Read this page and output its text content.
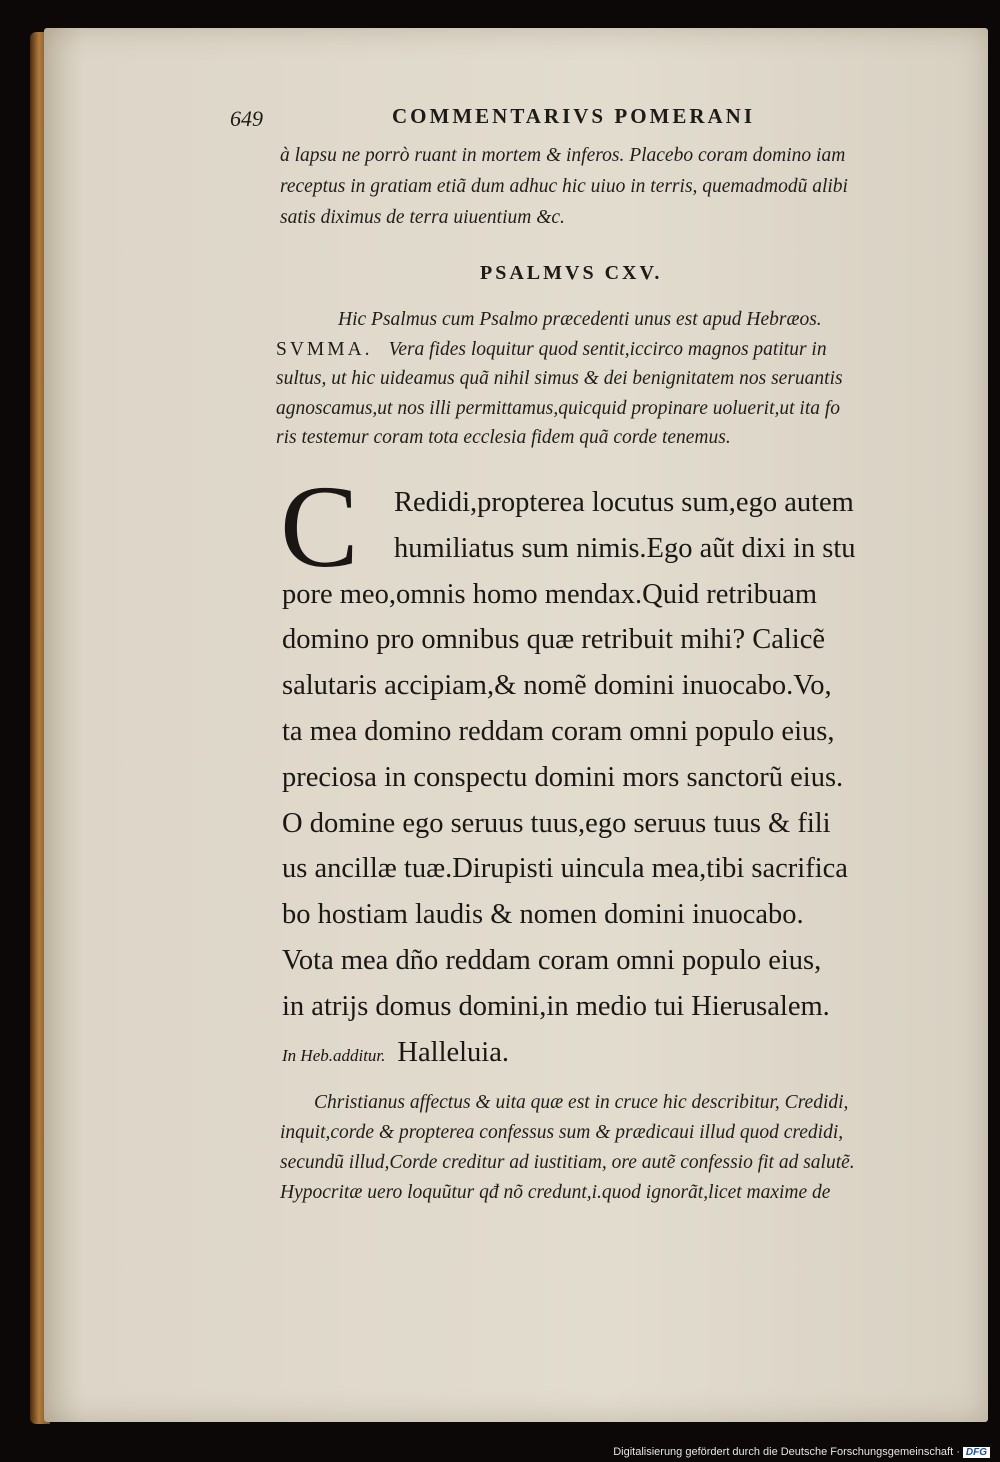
649	COMMENTARIVS POMERANI
à lapsu ne porrò ruant in mortem & inferos. Placebo coram domino iam
receptus in gratiam etiã dum adhuc hic uiuo in terris, quemadmodũ alibi
satis diximus de terra uiuentium &c.
PSALMVS CXV.
Hic Psalmus cum Psalmo præcedenti unus est apud Hebræos.
SVMMA. Vera fides loquitur quod sentit,iccirco magnos patitur in
sultus, ut hic uideamus quã nihil simus & dei benignitatem nos seruantis
agnoscamus,ut nos illi permittamus,quicquid propinare uoluerit,ut ita fo
ris testemur coram tota ecclesia fidem quã corde tenemus.
C	Redidi,propterea locutus sum,ego autem
humiliatus sum nimis.Ego aũt dixi in stu
pore meo,omnis homo mendax.Quid retribuam
domino pro omnibus quæ retribuit mihi? Calicẽ
salutaris accipiam,& nomẽ domini inuocabo.Vo,
ta mea domino reddam coram omni populo eius,
preciosa in conspectu domini mors sanctorũ eius.
O domine ego seruus tuus,ego seruus tuus & fili
us ancillæ tuæ.Dirupisti uincula mea,tibi sacrifica
bo hostiam laudis & nomen domini inuocabo.
Vota mea dño reddam coram omni populo eius,
in atrijs domus domini,in medio tui Hierusalem.
In Heb.additur. Halleluia.
Christianus affectus & uita quæ est in cruce hic describitur, Credidi,
inquit,corde & propterea confessus sum & prædicaui illud quod credidi,
secundũ illud,Corde creditur ad iustitiam, ore autẽ confessio fit ad salutẽ.
Hypocritæ uero loquũtur qđ nõ credunt,i.quod ignorãt,licet maxime de
Digitalisierung gefördert durch die Deutsche Forschungsgemeinschaft · DFG
